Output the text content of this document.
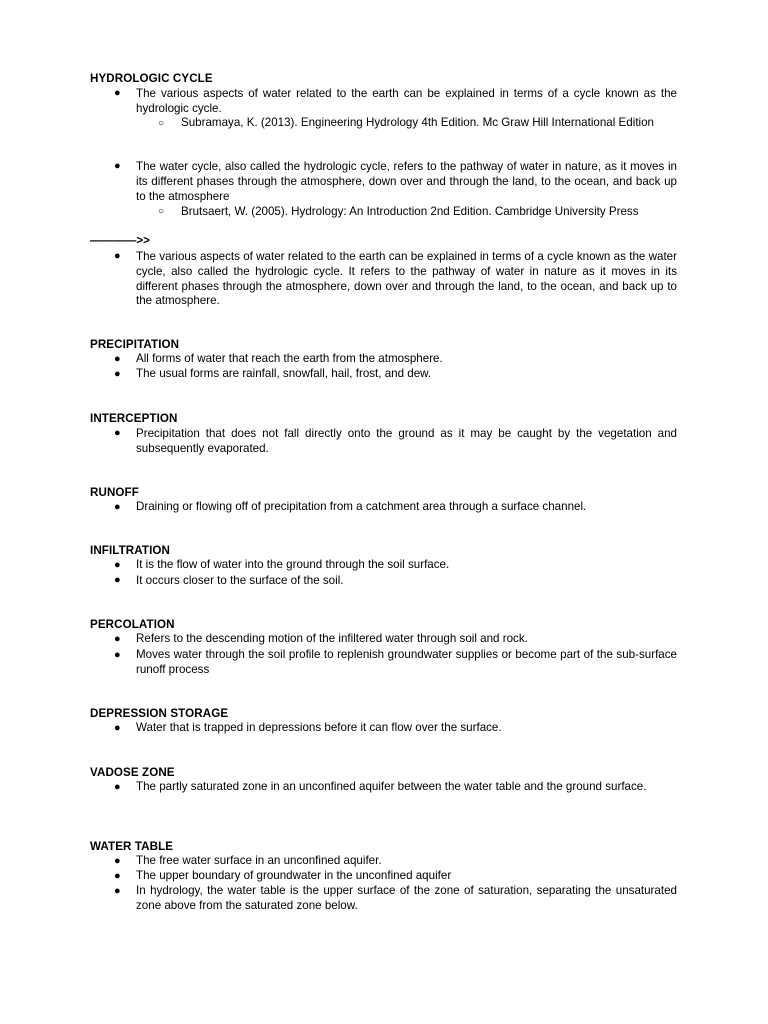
HYDROLOGIC CYCLE
● The various aspects of water related to the earth can be explained in terms of a cycle known as the hydrologic cycle.
○	Subramaya, K. (2013). Engineering Hydrology 4th Edition. Mc Graw Hill International Edition
● The water cycle, also called the hydrologic cycle, refers to the pathway of water in nature, as it moves in its different phases through the atmosphere, down over and through the land, to the ocean, and back up to the atmosphere
○	Brutsaert, W. (2005). Hydrology: An Introduction 2nd Edition. Cambridge University Press
————>>
● The various aspects of water related to the earth can be explained in terms of a cycle known as the water cycle, also called the hydrologic cycle. It refers to the pathway of water in nature as it moves in its different phases through the atmosphere, down over and through the land, to the ocean, and back up to the atmosphere.
PRECIPITATION
● All forms of water that reach the earth from the atmosphere.
● The usual forms are rainfall, snowfall, hail, frost, and dew.
INTERCEPTION
● Precipitation that does not fall directly onto the ground as it may be caught by the vegetation and subsequently evaporated.
RUNOFF
● Draining or flowing off of precipitation from a catchment area through a surface channel.
INFILTRATION
● It is the flow of water into the ground through the soil surface.
● It occurs closer to the surface of the soil.
PERCOLATION
● Refers to the descending motion of the infiltered water through soil and rock.
● Moves water through the soil profile to replenish groundwater supplies or become part of the sub-surface runoff process
DEPRESSION STORAGE
● Water that is trapped in depressions before it can flow over the surface.
VADOSE ZONE
● The partly saturated zone in an unconfined aquifer between the water table and the ground surface.
WATER TABLE
● The free water surface in an unconfined aquifer.
● The upper boundary of groundwater in the unconfined aquifer
● In hydrology, the water table is the upper surface of the zone of saturation, separating the unsaturated zone above from the saturated zone below.
